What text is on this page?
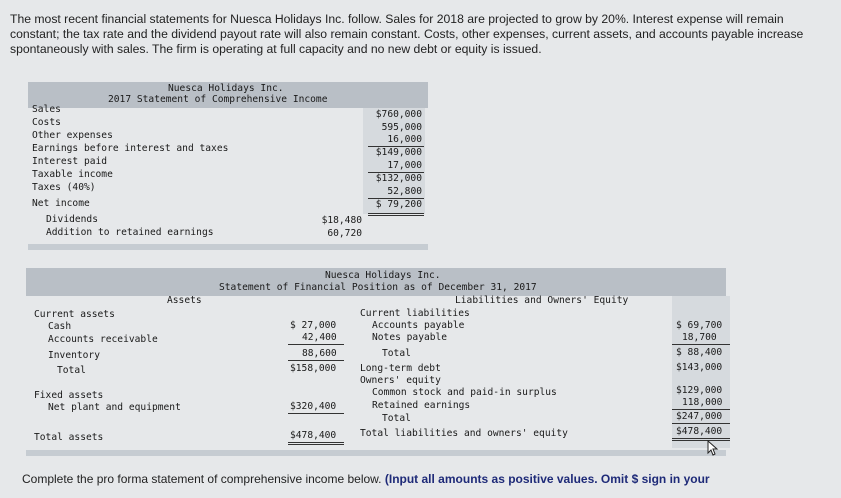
The most recent financial statements for Nuesca Holidays Inc. follow. Sales for 2018 are projected to grow by 20%. Interest expense will remain constant; the tax rate and the dividend payout rate will also remain constant. Costs, other expenses, current assets, and accounts payable increase spontaneously with sales. The firm is operating at full capacity and no new debt or equity is issued.
Nuesca Holidays Inc.
2017 Statement of Comprehensive Income
Sales
Costs
Other expenses
Earnings before interest and taxes
Interest paid
Taxable income
Taxes (40%)
Net income
$760,000
595,000
16,000
$149,000
17,000
$132,000
52,800
$ 79,200
Dividends
Addition to retained earnings
$18,480
60,720
Nuesca Holidays Inc.
Statement of Financial Position as of December 31, 2017
Assets	Liabilities and Owners' Equity
Current assets
Cash
Accounts receivable
Inventory
Total
Fixed assets
Net plant and equipment
Total assets
$ 27,000
42,400
88,600
$158,000
$320,400
$478,400
Current liabilities
Accounts payable
Notes payable
Total
Long-term debt
Owners' equity
Common stock and paid-in surplus
Retained earnings
Total
Total liabilities and owners' equity
$ 69,700
18,700
$ 88,400
$143,000
$129,000
118,000
$247,000
$478,400
Complete the pro forma statement of comprehensive income below. (Input all amounts as positive values. Omit $ sign in your
